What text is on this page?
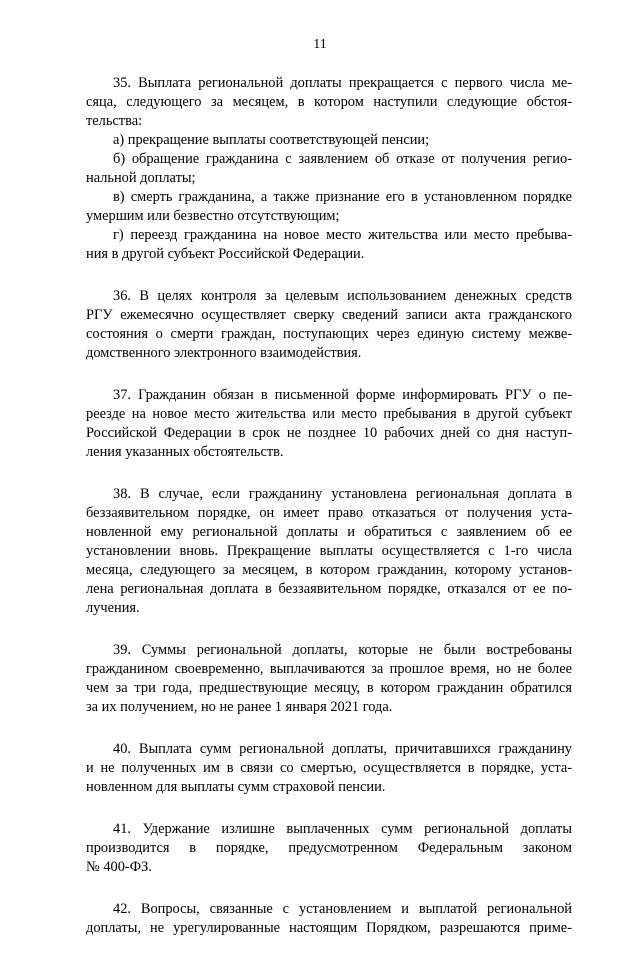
11
35. Выплата региональной доплаты прекращается с первого числа ме-
сяца, следующего за месяцем, в котором наступили следующие обстоя-
тельства:
а) прекращение выплаты соответствующей пенсии;
б) обращение гражданина с заявлением об отказе от получения регио-
нальной доплаты;
в) смерть гражданина, а также признание его в установленном порядке
умершим или безвестно отсутствующим;
г) переезд гражданина на новое место жительства или место пребыва-
ния в другой субъект Российской Федерации.
36. В целях контроля за целевым использованием денежных средств
РГУ ежемесячно осуществляет сверку сведений записи акта гражданского
состояния о смерти граждан, поступающих через единую систему межве-
домственного электронного взаимодействия.
37. Гражданин обязан в письменной форме информировать РГУ о пе-
реезде на новое место жительства или место пребывания в другой субъект
Российской Федерации в срок не позднее 10 рабочих дней со дня наступ-
ления указанных обстоятельств.
38. В случае, если гражданину установлена региональная доплата в
беззаявительном порядке, он имеет право отказаться от получения уста-
новленной ему региональной доплаты и обратиться с заявлением об ее
установлении вновь. Прекращение выплаты осуществляется с 1-го числа
месяца, следующего за месяцем, в котором гражданин, которому установ-
лена региональная доплата в беззаявительном порядке, отказался от ее по-
лучения.
39. Суммы региональной доплаты, которые не были востребованы
гражданином своевременно, выплачиваются за прошлое время, но не более
чем за три года, предшествующие месяцу, в котором гражданин обратился
за их получением, но не ранее 1 января 2021 года.
40. Выплата сумм региональной доплаты, причитавшихся гражданину
и не полученных им в связи со смертью, осуществляется в порядке, уста-
новленном для выплаты сумм страховой пенсии.
41. Удержание излишне выплаченных сумм региональной доплаты
производится в порядке, предусмотренном Федеральным законом
№ 400-ФЗ.
42. Вопросы, связанные с установлением и выплатой региональной
доплаты, не урегулированные настоящим Порядком, разрешаются приме-
